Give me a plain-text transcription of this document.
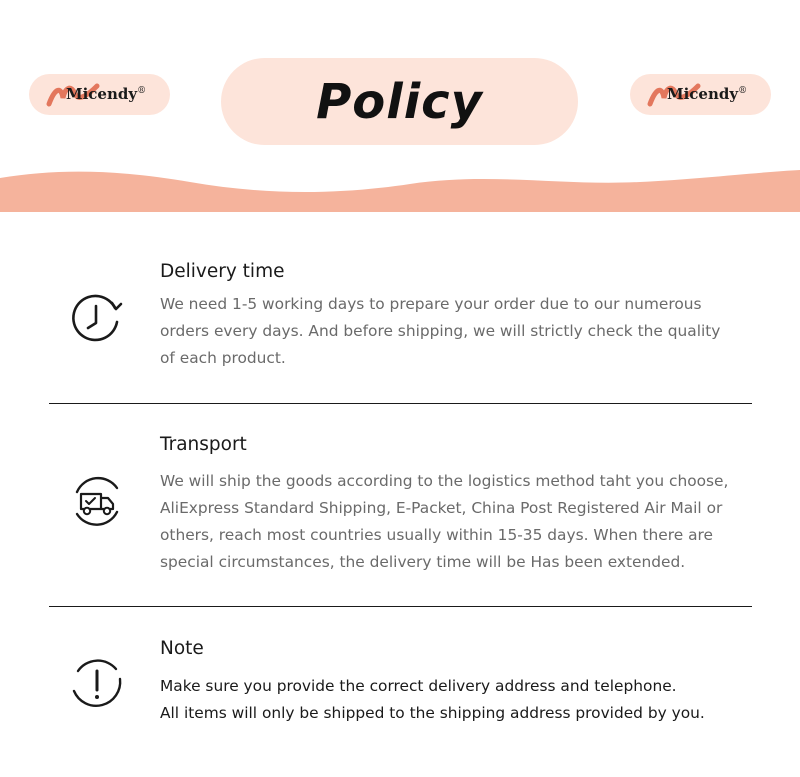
Micendy®	Policy	Micendy®
Delivery time
We need 1-5 working days to prepare your order due to our numerous
orders every days. And before shipping, we will strictly check the quality
of each product.
Transport
We will ship the goods according to the logistics method taht you choose,
AliExpress Standard Shipping, E-Packet, China Post Registered Air Mail or
others, reach most countries usually within 15-35 days. When there are
special circumstances, the delivery time will be Has been extended.
Note
Make sure you provide the correct delivery address and telephone.
All items will only be shipped to the shipping address provided by you.
